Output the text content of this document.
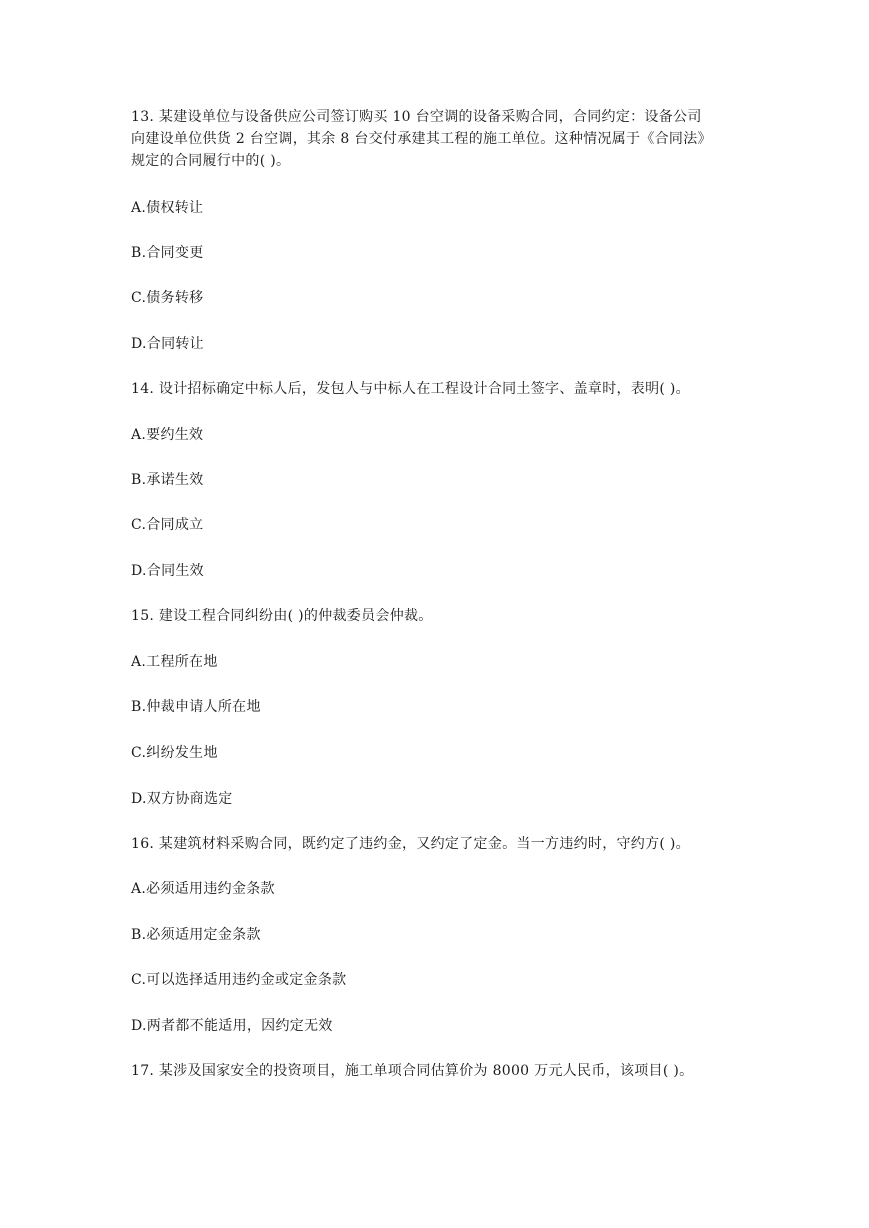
13. 某建设单位与设备供应公司签订购买 10 台空调的设备采购合同，合同约定：设备公司
向建设单位供货 2 台空调，其余 8 台交付承建其工程的施工单位。这种情况属于《合同法》
规定的合同履行中的( )。
A.债权转让
B.合同变更
C.债务转移
D.合同转让
14. 设计招标确定中标人后，发包人与中标人在工程设计合同土签字、盖章时，表明( )。
A.要约生效
B.承诺生效
C.合同成立
D.合同生效
15. 建设工程合同纠纷由( )的仲裁委员会仲裁。
A.工程所在地
B.仲裁申请人所在地
C.纠纷发生地
D.双方协商选定
16. 某建筑材料采购合同，既约定了违约金，又约定了定金。当一方违约时，守约方( )。
A.必须适用违约金条款
B.必须适用定金条款
C.可以选择适用违约金或定金条款
D.两者都不能适用，因约定无效
17. 某涉及国家安全的投资项目，施工单项合同估算价为 8000 万元人民币，该项目( )。
